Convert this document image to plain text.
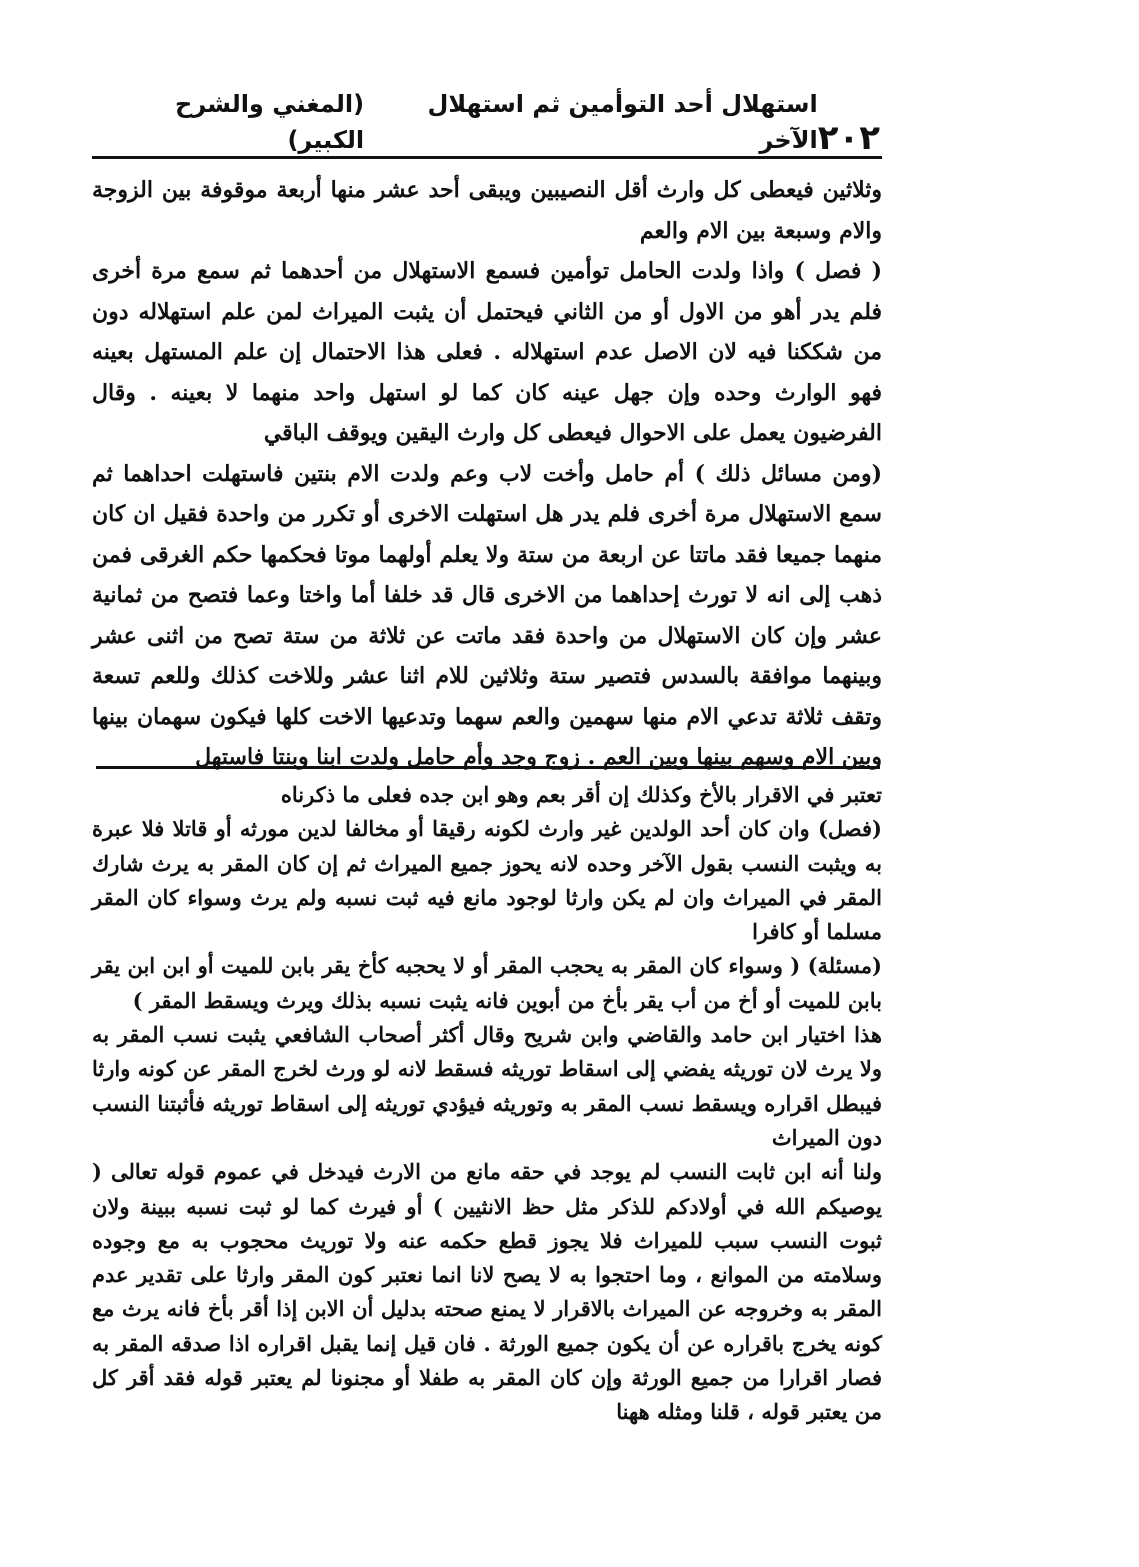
٢٠٢
استهلال أحد التوأمين ثم استهلال الآخر
(المغني والشرح الكبير)

وثلاثين فيعطى كل وارث أقل النصيبين ويبقى أحد عشر منها أربعة موقوفة بين الزوجة والام وسبعة بين الام والعم

( فصل ) واذا ولدت الحامل توأمين فسمع الاستهلال من أحدهما ثم سمع مرة أخرى فلم يدر أهو من الاول أو من الثاني فيحتمل أن يثبت الميراث لمن علم استهلاله دون من شككنا فيه لان الاصل عدم استهلاله . فعلى هذا الاحتمال إن علم المستهل بعينه فهو الوارث وحده وإن جهل عينه كان كما لو استهل واحد منهما لا بعينه . وقال الفرضيون يعمل على الاحوال فيعطى كل وارث اليقين ويوقف الباقي

(ومن مسائل ذلك ) أم حامل وأخت لاب وعم ولدت الام بنتين فاستهلت احداهما ثم سمع الاستهلال مرة أخرى فلم يدر هل استهلت الاخرى أو تكرر من واحدة فقيل ان كان منهما جميعا فقد ماتتا عن اربعة من ستة ولا يعلم أولهما موتا فحكمها حكم الغرقى فمن ذهب إلى انه لا تورث إحداهما من الاخرى قال قد خلفا أما واختا وعما فتصح من ثمانية عشر وإن كان الاستهلال من واحدة فقد ماتت عن ثلاثة من ستة تصح من اثنى عشر وبينهما موافقة بالسدس فتصير ستة وثلاثين للام اثنا عشر وللاخت كذلك وللعم تسعة وتقف ثلاثة تدعي الام منها سهمين والعم سهما وتدعيها الاخت كلها فيكون سهمان بينها وبين الام وسهم بينها وبين العم . زوج وجد وأم حامل ولدت ابنا وبنتا فاستهل

تعتبر في الاقرار بالأخ وكذلك إن أقر بعم وهو ابن جده فعلى ما ذكرناه

(فصل) وان كان أحد الولدين غير وارث لكونه رقيقا أو مخالفا لدين مورثه أو قاتلا فلا عبرة به ويثبت النسب بقول الآخر وحده لانه يحوز جميع الميراث ثم إن كان المقر به يرث شارك المقر في الميراث وان لم يكن وارثا لوجود مانع فيه ثبت نسبه ولم يرث وسواء كان المقر مسلما أو كافرا

(مسئلة) ( وسواء كان المقر به يحجب المقر أو لا يحجبه كأخ يقر بابن للميت أو ابن ابن يقر بابن للميت أو أخ من أب يقر بأخ من أبوين فانه يثبت نسبه بذلك ويرث ويسقط المقر )

هذا اختيار ابن حامد والقاضي وابن شريح وقال أكثر أصحاب الشافعي يثبت نسب المقر به ولا يرث لان توريثه يفضي إلى اسقاط توريثه فسقط لانه لو ورث لخرج المقر عن كونه وارثا فيبطل اقراره ويسقط نسب المقر به وتوريثه فيؤدي توريثه إلى اسقاط توريثه فأثبتنا النسب دون الميراث

ولنا أنه ابن ثابت النسب لم يوجد في حقه مانع من الارث فيدخل في عموم قوله تعالى ( يوصيكم الله في أولادكم للذكر مثل حظ الانثيين ) أو فيرث كما لو ثبت نسبه ببينة ولان ثبوت النسب سبب للميراث فلا يجوز قطع حكمه عنه ولا توريث محجوب به مع وجوده وسلامته من الموانع ، وما احتجوا به لا يصح لانا انما نعتبر كون المقر وارثا على تقدير عدم المقر به وخروجه عن الميراث بالاقرار لا يمنع صحته بدليل أن الابن إذا أقر بأخ فانه يرث مع كونه يخرج باقراره عن أن يكون جميع الورثة . فان قيل إنما يقبل اقراره اذا صدقه المقر به فصار اقرارا من جميع الورثة وإن كان المقر به طفلا أو مجنونا لم يعتبر قوله فقد أقر كل من يعتبر قوله ، قلنا ومثله ههنا
